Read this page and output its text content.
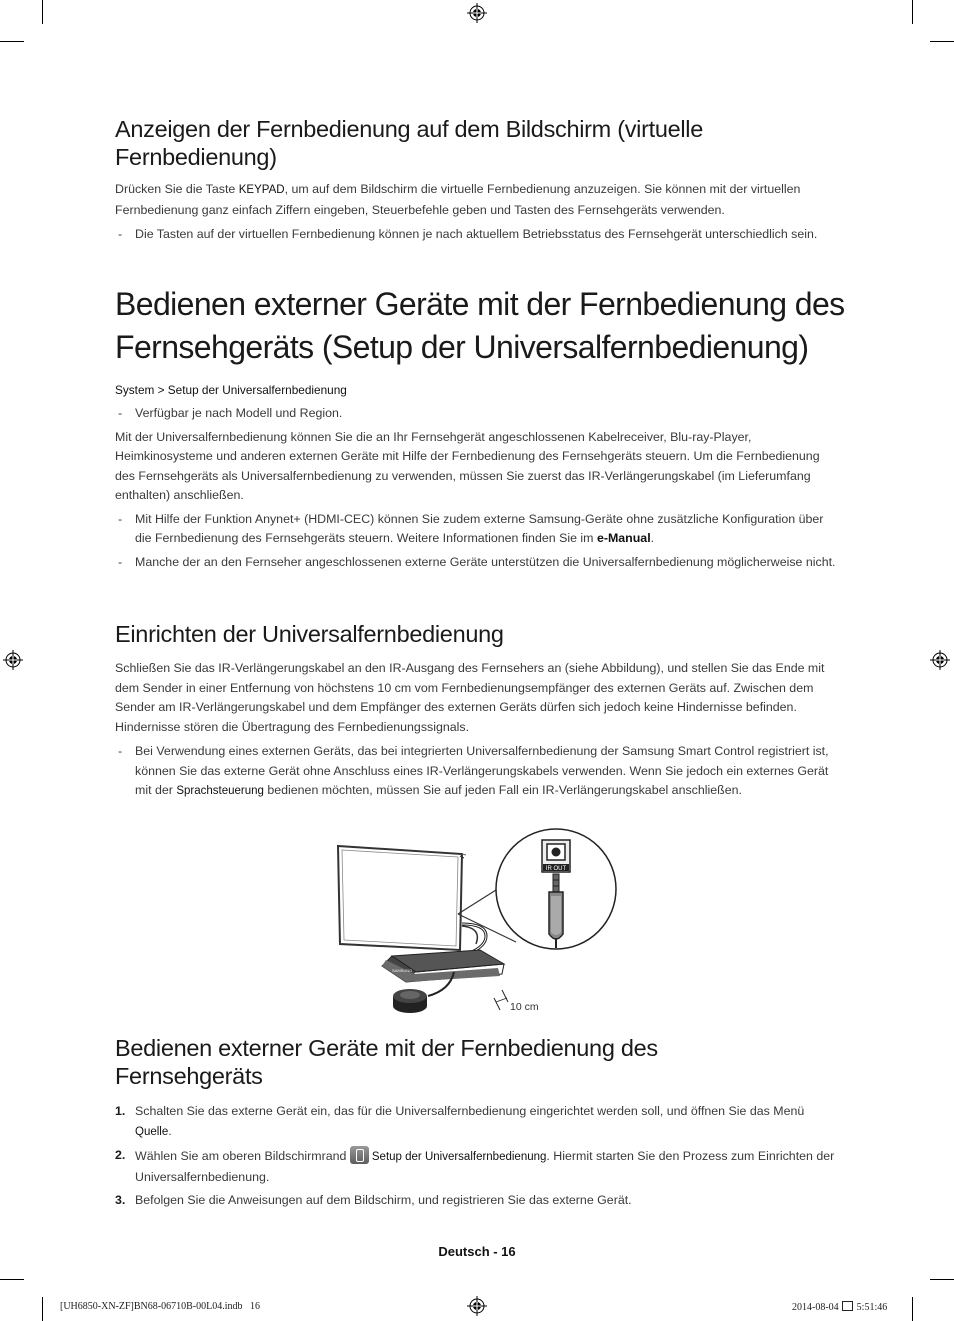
Anzeigen der Fernbedienung auf dem Bildschirm (virtuelle
Fernbedienung)

Drücken Sie die Taste KEYPAD, um auf dem Bildschirm die virtuelle Fernbedienung anzuzeigen. Sie können mit der virtuellen Fernbedienung ganz einfach Ziffern eingeben, Steuerbefehle geben und Tasten des Fernsehgeräts verwenden.

- Die Tasten auf der virtuellen Fernbedienung können je nach aktuellem Betriebsstatus des Fernsehgerät unterschiedlich sein.

Bedienen externer Geräte mit der Fernbedienung des
Fernsehgeräts (Setup der Universalfernbedienung)

System > Setup der Universalfernbedienung

- Verfügbar je nach Modell und Region.

Mit der Universalfernbedienung können Sie die an Ihr Fernsehgerät angeschlossenen Kabelreceiver, Blu-ray-Player, Heimkinosysteme und anderen externen Geräte mit Hilfe der Fernbedienung des Fernsehgeräts steuern. Um die Fernbedienung des Fernsehgeräts als Universalfernbedienung zu verwenden, müssen Sie zuerst das IR-Verlängerungskabel (im Lieferumfang enthalten) anschließen.

- Mit Hilfe der Funktion Anynet+ (HDMI-CEC) können Sie zudem externe Samsung-Geräte ohne zusätzliche Konfiguration über die Fernbedienung des Fernsehgeräts steuern. Weitere Informationen finden Sie im e-Manual.

- Manche der an den Fernseher angeschlossenen externe Geräte unterstützen die Universalfernbedienung möglicherweise nicht.

Einrichten der Universalfernbedienung

Schließen Sie das IR-Verlängerungskabel an den IR-Ausgang des Fernsehers an (siehe Abbildung), und stellen Sie das Ende mit dem Sender in einer Entfernung von höchstens 10 cm vom Fernbedienungsempfänger des externen Geräts auf. Zwischen dem Sender am IR-Verlängerungskabel und dem Empfänger des externen Geräts dürfen sich jedoch keine Hindernisse befinden. Hindernisse stören die Übertragung des Fernbedienungssignals.

- Bei Verwendung eines externen Geräts, das bei integrierten Universalfernbedienung der Samsung Smart Control registriert ist, können Sie das externe Gerät ohne Anschluss eines IR-Verlängerungskabels verwenden. Wenn Sie jedoch ein externes Gerät mit der Sprachsteuerung bedienen möchten, müssen Sie auf jeden Fall ein IR-Verlängerungskabel anschließen.

IR OUT
SAMSUNG
10 cm
Bedienen externer Geräte mit der Fernbedienung des
Fernsehgeräts

1. Schalten Sie das externe Gerät ein, das für die Universalfernbedienung eingerichtet werden soll, und öffnen Sie das Menü Quelle.

2. Wählen Sie am oberen Bildschirmrand Setup der Universalfernbedienung. Hiermit starten Sie den Prozess zum Einrichten der Universalfernbedienung.

3. Befolgen Sie die Anweisungen auf dem Bildschirm, und registrieren Sie das externe Gerät.

Deutsch - 16
[UH6850-XN-ZF]BN68-06710B-00L04.indb   16	2014-08-04 5:51:46
